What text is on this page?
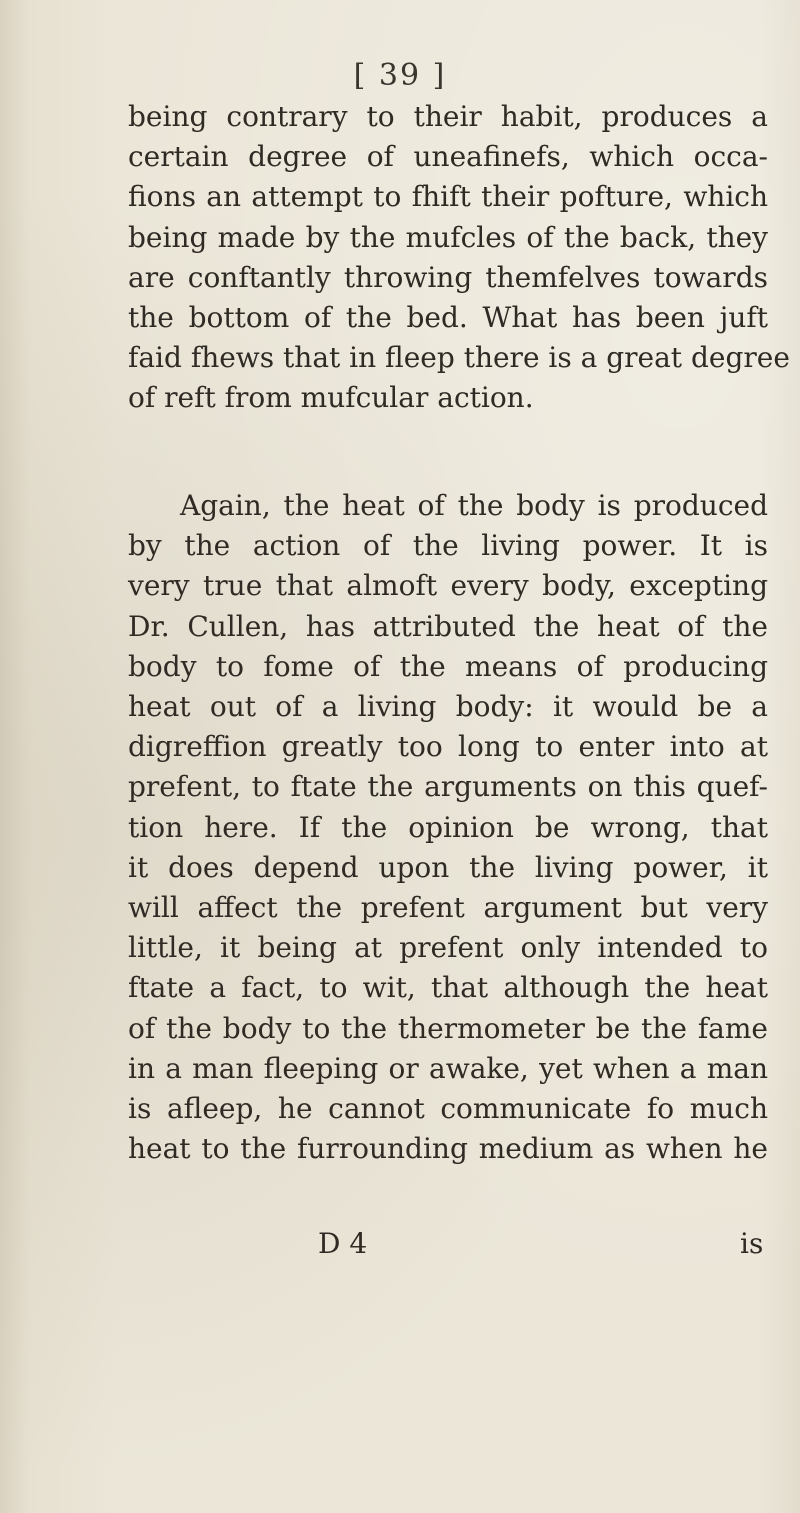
[ 39 ]

being contrary to their habit, produces a
certain degree of uneafinefs, which occa-
fions an attempt to fhift their pofture, which
being made by the mufcles of the back, they
are conftantly throwing themfelves towards
the bottom of the bed. What has been juft
faid fhews that in fleep there is a great degree
of reft from mufcular action.

Again, the heat of the body is produced
by the action of the living power. It is
very true that almoft every body, excepting
Dr. Cullen, has attributed the heat of the
body to fome of the means of producing
heat out of a living body: it would be a
digreffion greatly too long to enter into at
prefent, to ftate the arguments on this quef-
tion here. If the opinion be wrong, that
it does depend upon the living power, it
will affect the prefent argument but very
little, it being at prefent only intended to
ftate a fact, to wit, that although the heat
of the body to the thermometer be the fame
in a man fleeping or awake, yet when a man
is afleep, he cannot communicate fo much
heat to the furrounding medium as when he

D 4	is
